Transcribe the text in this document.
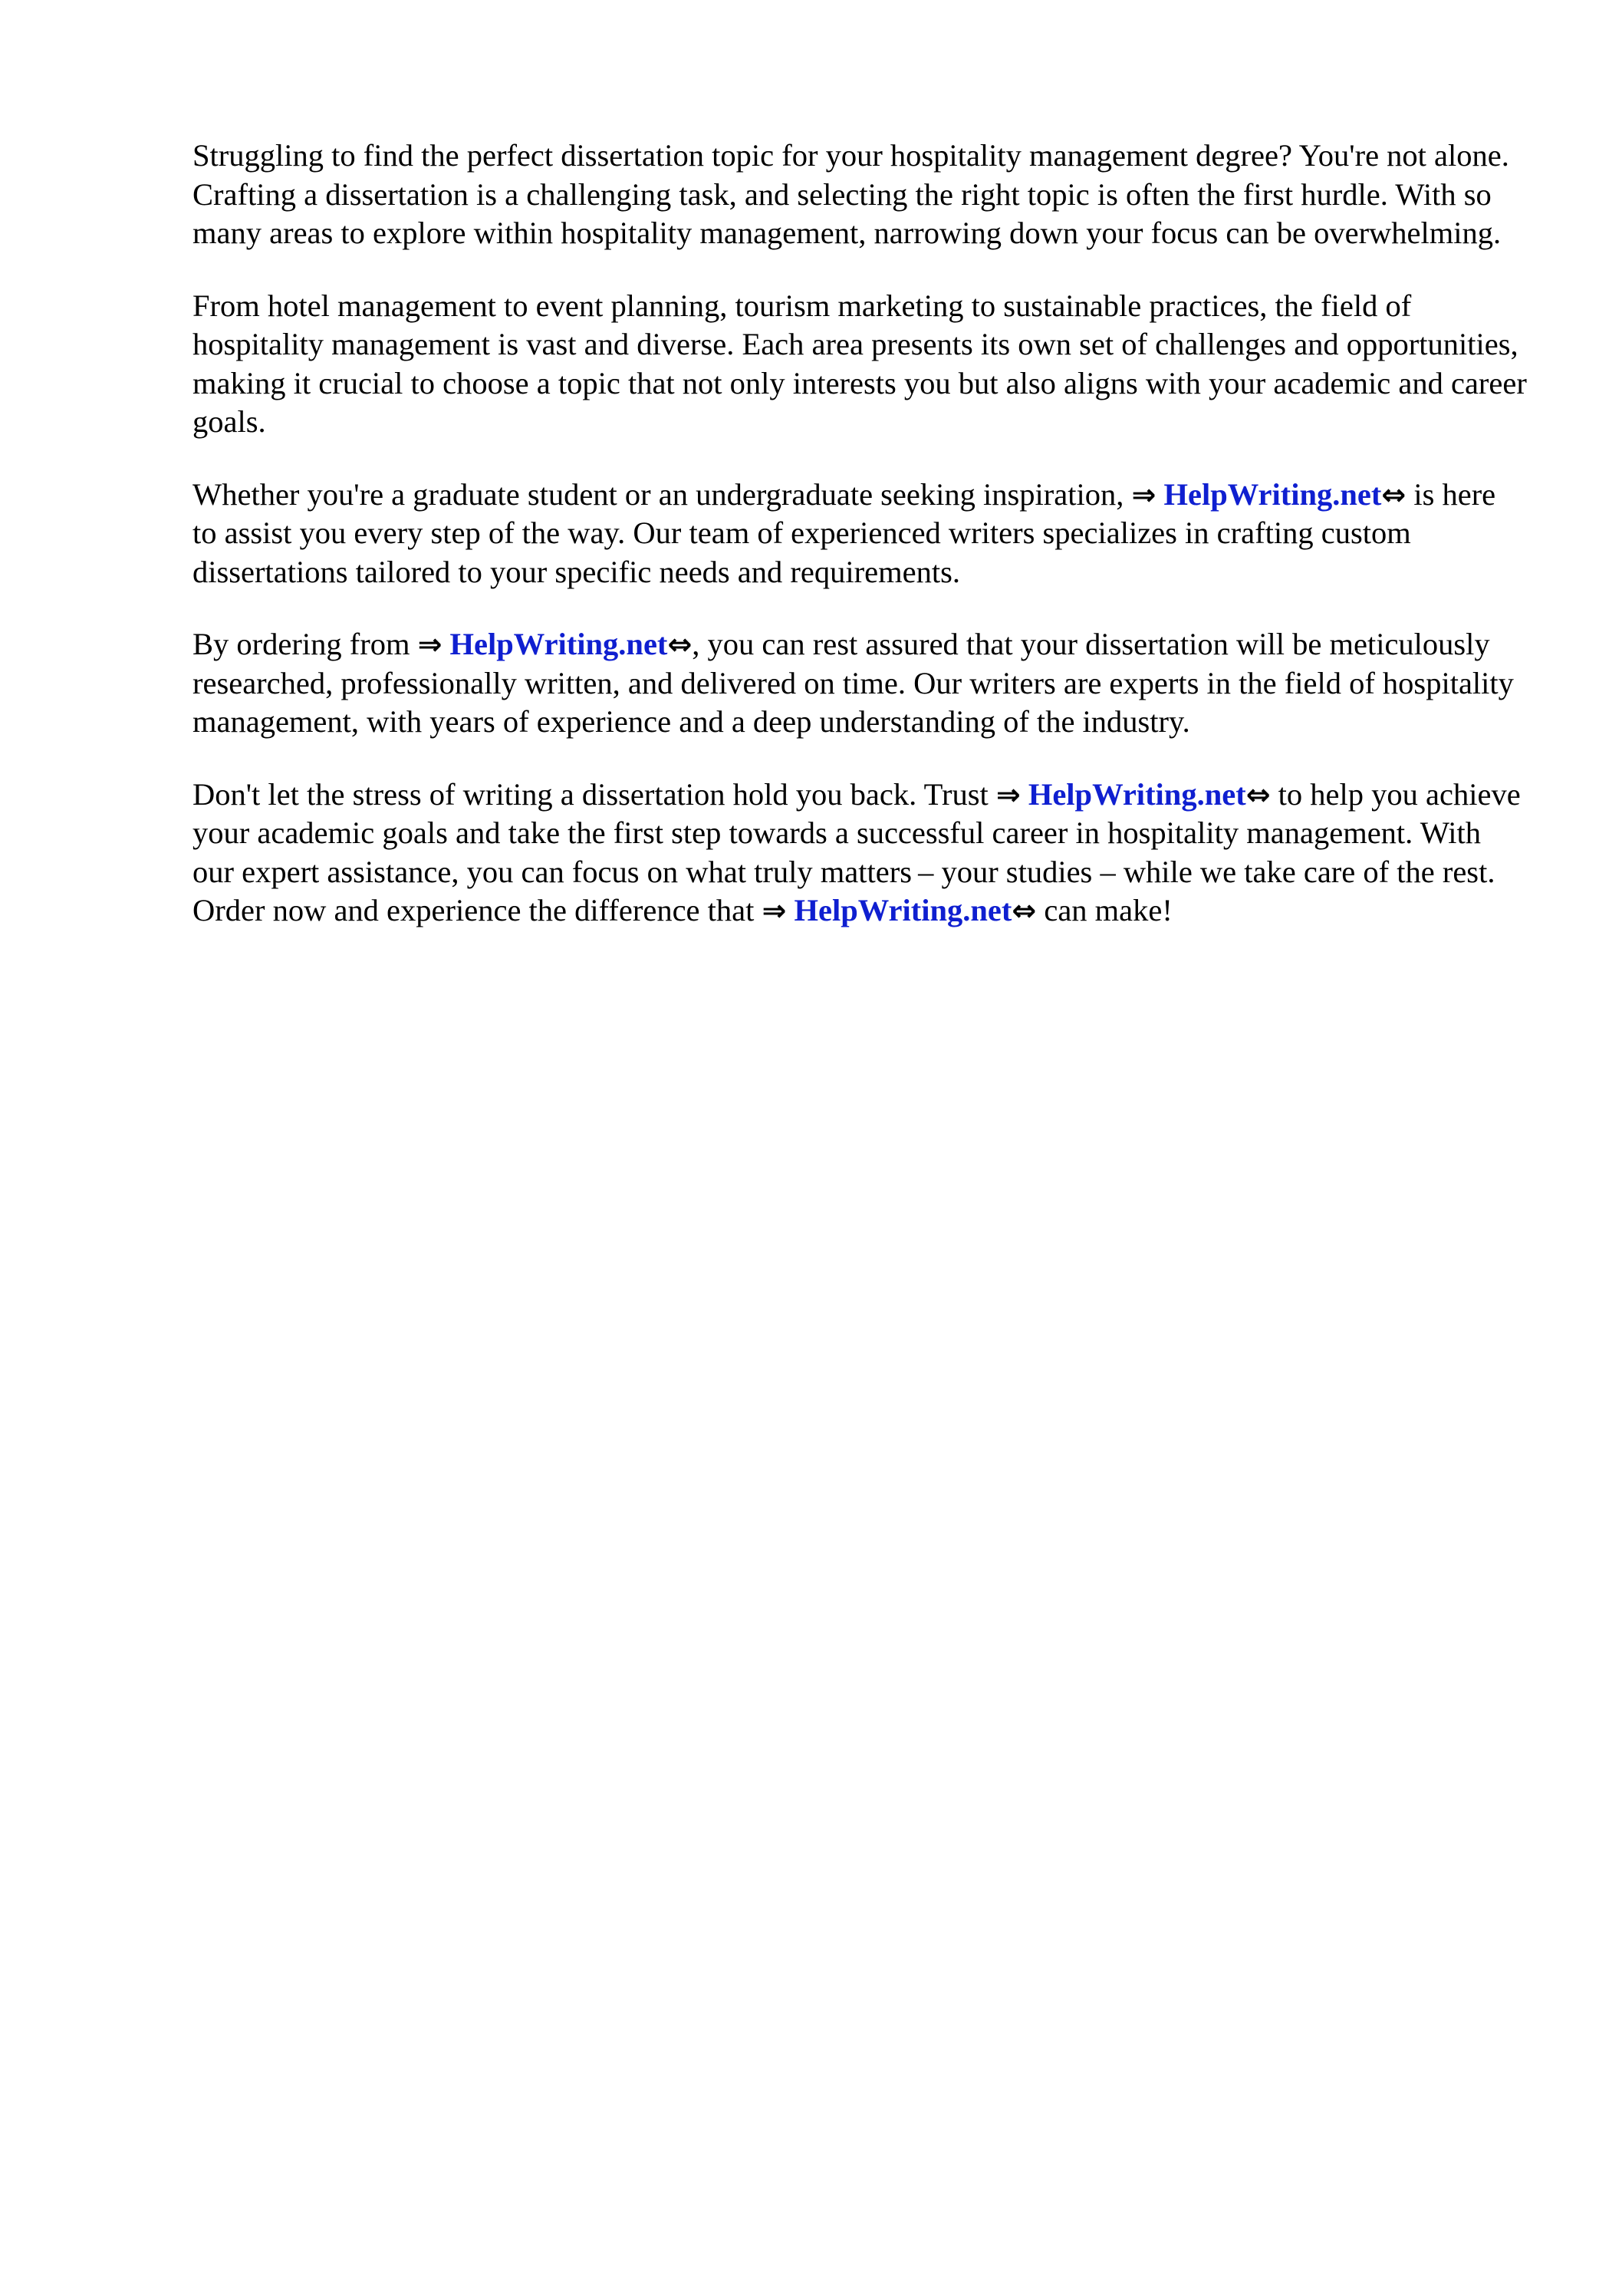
Struggling to find the perfect dissertation topic for your hospitality management degree? You're not alone. Crafting a dissertation is a challenging task, and selecting the right topic is often the first hurdle. With so many areas to explore within hospitality management, narrowing down your focus can be overwhelming.

From hotel management to event planning, tourism marketing to sustainable practices, the field of hospitality management is vast and diverse. Each area presents its own set of challenges and opportunities, making it crucial to choose a topic that not only interests you but also aligns with your academic and career goals.

Whether you're a graduate student or an undergraduate seeking inspiration, ⇒ HelpWriting.net⇔ is here to assist you every step of the way. Our team of experienced writers specializes in crafting custom dissertations tailored to your specific needs and requirements.

By ordering from ⇒ HelpWriting.net⇔, you can rest assured that your dissertation will be meticulously researched, professionally written, and delivered on time. Our writers are experts in the field of hospitality management, with years of experience and a deep understanding of the industry.

Don't let the stress of writing a dissertation hold you back. Trust ⇒ HelpWriting.net⇔ to help you achieve your academic goals and take the first step towards a successful career in hospitality management. With our expert assistance, you can focus on what truly matters – your studies – while we take care of the rest. Order now and experience the difference that ⇒ HelpWriting.net⇔ can make!
